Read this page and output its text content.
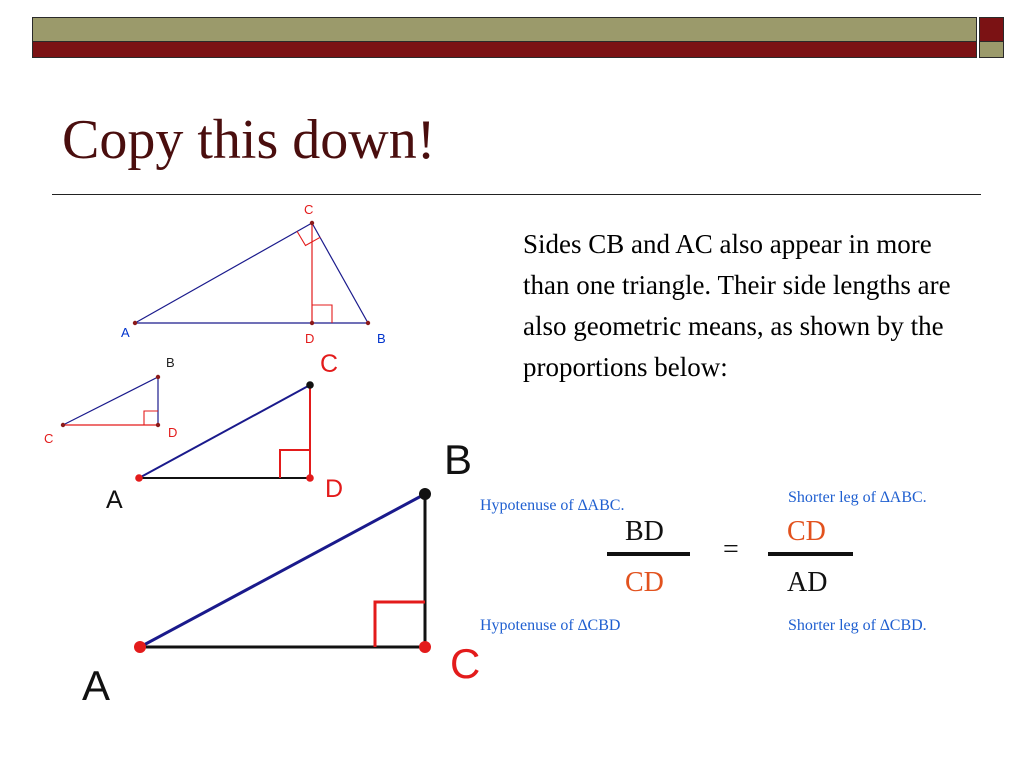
Copy this down!
Sides CB and AC also appear in more than one triangle. Their side lengths are also geometric means, as shown by the proportions below:
C
A	D	B
B
C	D
C
A	D
B
A	C
Hypotenuse of ∆ABC.
BD
CD
Hypotenuse of ∆CBD
=
Shorter leg of ∆ABC.
CD
AD
Shorter leg of ∆CBD.
